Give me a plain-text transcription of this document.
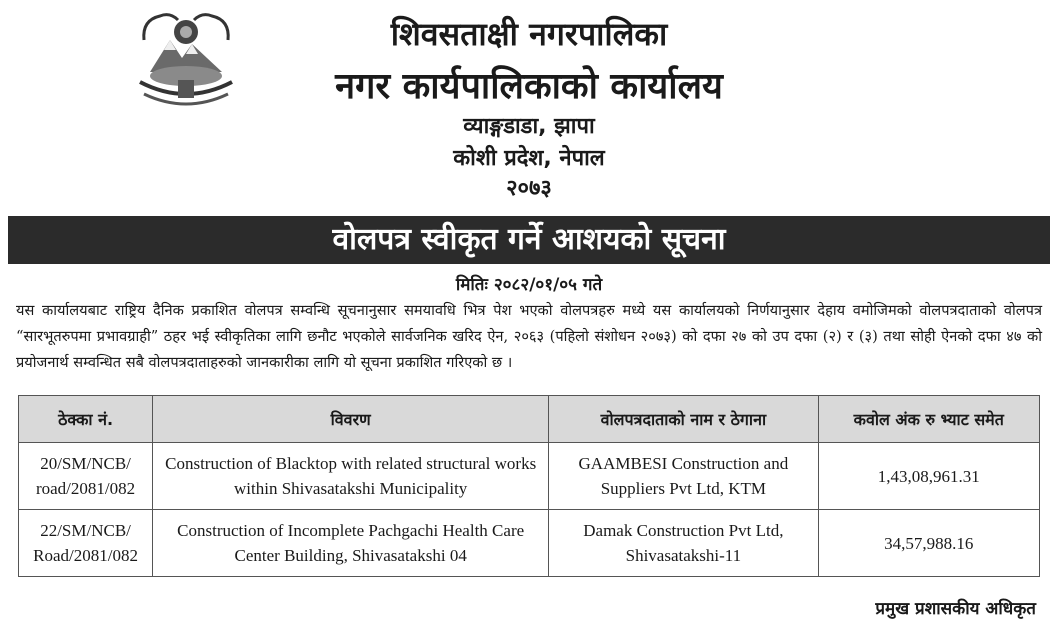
शिवसताक्षी नगरपालिका
नगर कार्यपालिकाको कार्यालय
व्याङ्गडाडा, झापा
कोशी प्रदेश, नेपाल
२०७३
वोलपत्र स्वीकृत गर्ने आशयको सूचना
मितिः २०८२/०१/०५ गते
यस कार्यालयबाट राष्ट्रिय दैनिक प्रकाशित वोलपत्र सम्वन्धि सूचनानुसार समयावधि भित्र पेश भएको वोलपत्रहरु मध्ये यस कार्यालयको निर्णयानुसार देहाय वमोजिमको वोलपत्रदाताको वोलपत्र “सारभूतरुपमा प्रभावग्राही” ठहर भई स्वीकृतिका लागि छनौट भएकोले सार्वजनिक खरिद ऐन, २०६३ (पहिलो संशोधन २०७३) को दफा २७ को उप दफा (२) र (३) तथा सोही ऐनको दफा ४७ को प्रयोजनार्थ सम्वन्धित सबै वोलपत्रदाताहरुको जानकारीका लागि यो सूचना प्रकाशित गरिएको छ ।
ठेक्का नं.	विवरण	वोलपत्रदाताको नाम र ठेगाना	कवोल अंक रु भ्याट समेत
20/SM/NCB/ road/2081/082	Construction of Blacktop with related structural works within Shivasatakshi Municipality	GAAMBESI Construction and Suppliers Pvt Ltd, KTM	1,43,08,961.31
22/SM/NCB/ Road/2081/082	Construction of Incomplete Pachgachi Health Care Center Building, Shivasatakshi 04	Damak Construction Pvt Ltd, Shivasatakshi-11	34,57,988.16
प्रमुख प्रशासकीय अधिकृत
